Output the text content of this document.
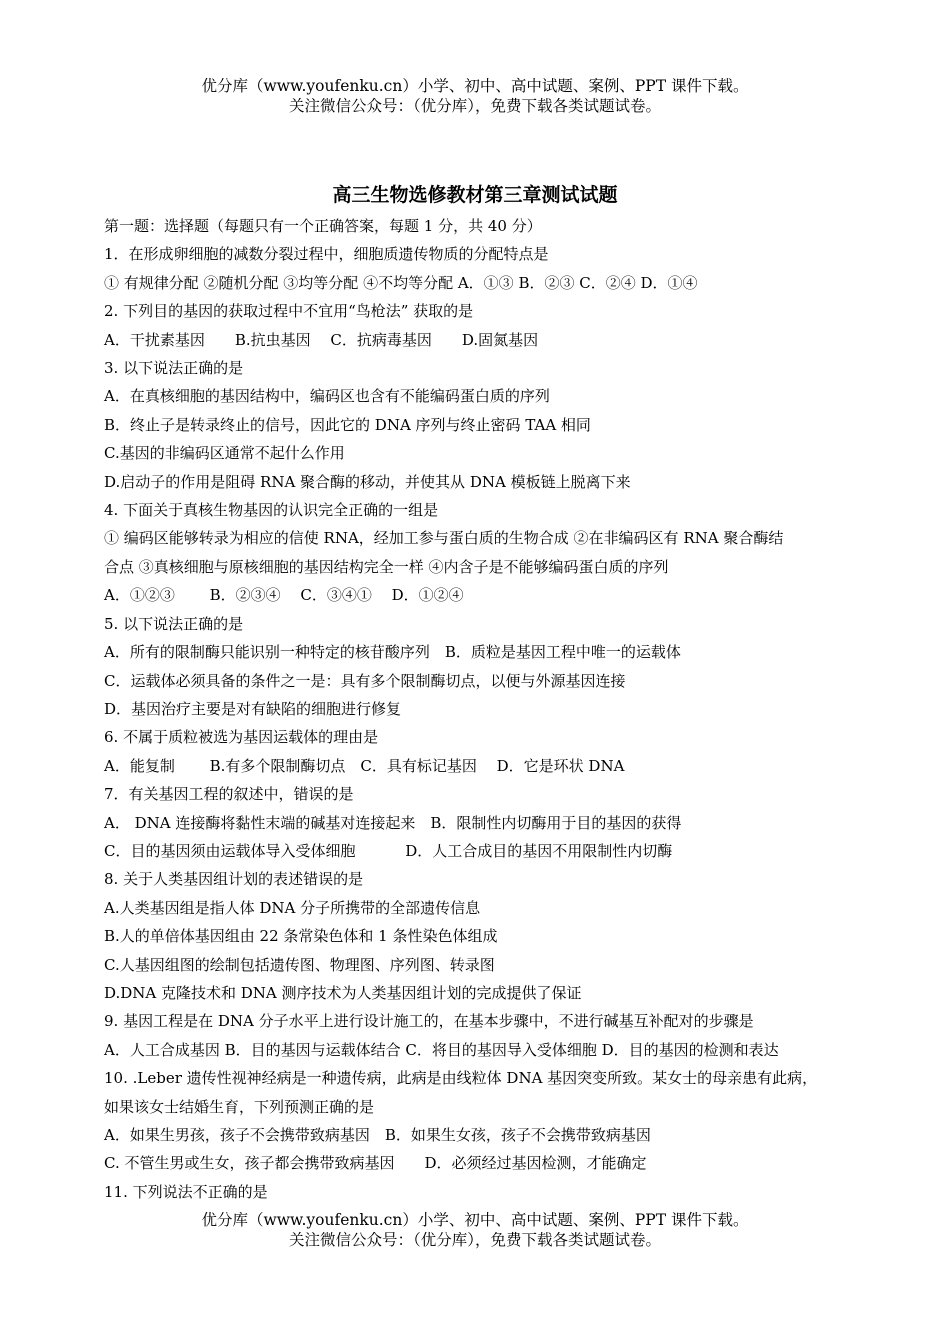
优分库（www.youfenku.cn）小学、初中、高中试题、案例、PPT 课件下载。
关注微信公众号：（优分库），免费下载各类试题试卷。
高三生物选修教材第三章测试试题
第一题：选择题（每题只有一个正确答案，每题 1 分，共 40 分）
1．在形成卵细胞的减数分裂过程中，细胞质遗传物质的分配特点是
① 有规律分配 ②随机分配 ③均等分配 ④不均等分配 A．①③ B．②③ C．②④ D．①④
2. 下列目的基因的获取过程中不宜用“鸟枪法” 获取的是
A．干扰素基因　　B.抗虫基因　 C．抗病毒基因　　D.固氮基因
3. 以下说法正确的是
A．在真核细胞的基因结构中，编码区也含有不能编码蛋白质的序列
B．终止子是转录终止的信号，因此它的 DNA 序列与终止密码 TAA 相同
C.基因的非编码区通常不起什么作用
D.启动子的作用是阻碍 RNA 聚合酶的移动，并使其从 DNA 模板链上脱离下来
4. 下面关于真核生物基因的认识完全正确的一组是
① 编码区能够转录为相应的信使 RNA，经加工参与蛋白质的生物合成 ②在非编码区有 RNA 聚合酶结
合点 ③真核细胞与原核细胞的基因结构完全一样 ④内含子是不能够编码蛋白质的序列
A．①②③　　 B．②③④　 C．③④①　 D．①②④
5. 以下说法正确的是
A．所有的限制酶只能识别一种特定的核苷酸序列　B．质粒是基因工程中唯一的运载体
C．运载体必须具备的条件之一是：具有多个限制酶切点，以便与外源基因连接
D．基因治疗主要是对有缺陷的细胞进行修复
6. 不属于质粒被选为基因运载体的理由是
A．能复制　　 B.有多个限制酶切点　C．具有标记基因　 D．它是环状 DNA
7．有关基因工程的叙述中，错误的是
A． DNA 连接酶将黏性末端的碱基对连接起来　B．限制性内切酶用于目的基因的获得
C．目的基因须由运载体导入受体细胞　　　 D．人工合成目的基因不用限制性内切酶
8. 关于人类基因组计划的表述错误的是
A.人类基因组是指人体 DNA 分子所携带的全部遗传信息
B.人的单倍体基因组由 22 条常染色体和 1 条性染色体组成
C.人基因组图的绘制包括遗传图、物理图、序列图、转录图
D.DNA 克隆技术和 DNA 测序技术为人类基因组计划的完成提供了保证
9. 基因工程是在 DNA 分子水平上进行设计施工的，在基本步骤中，不进行碱基互补配对的步骤是
A．人工合成基因 B．目的基因与运载体结合 C．将目的基因导入受体细胞 D．目的基因的检测和表达
10. .Leber 遗传性视神经病是一种遗传病，此病是由线粒体 DNA 基因突变所致。某女士的母亲患有此病，
如果该女士结婚生育，下列预测正确的是
A．如果生男孩，孩子不会携带致病基因　B．如果生女孩，孩子不会携带致病基因
C. 不管生男或生女，孩子都会携带致病基因　　D．必须经过基因检测，才能确定
11. 下列说法不正确的是
优分库（www.youfenku.cn）小学、初中、高中试题、案例、PPT 课件下载。
关注微信公众号：（优分库），免费下载各类试题试卷。
